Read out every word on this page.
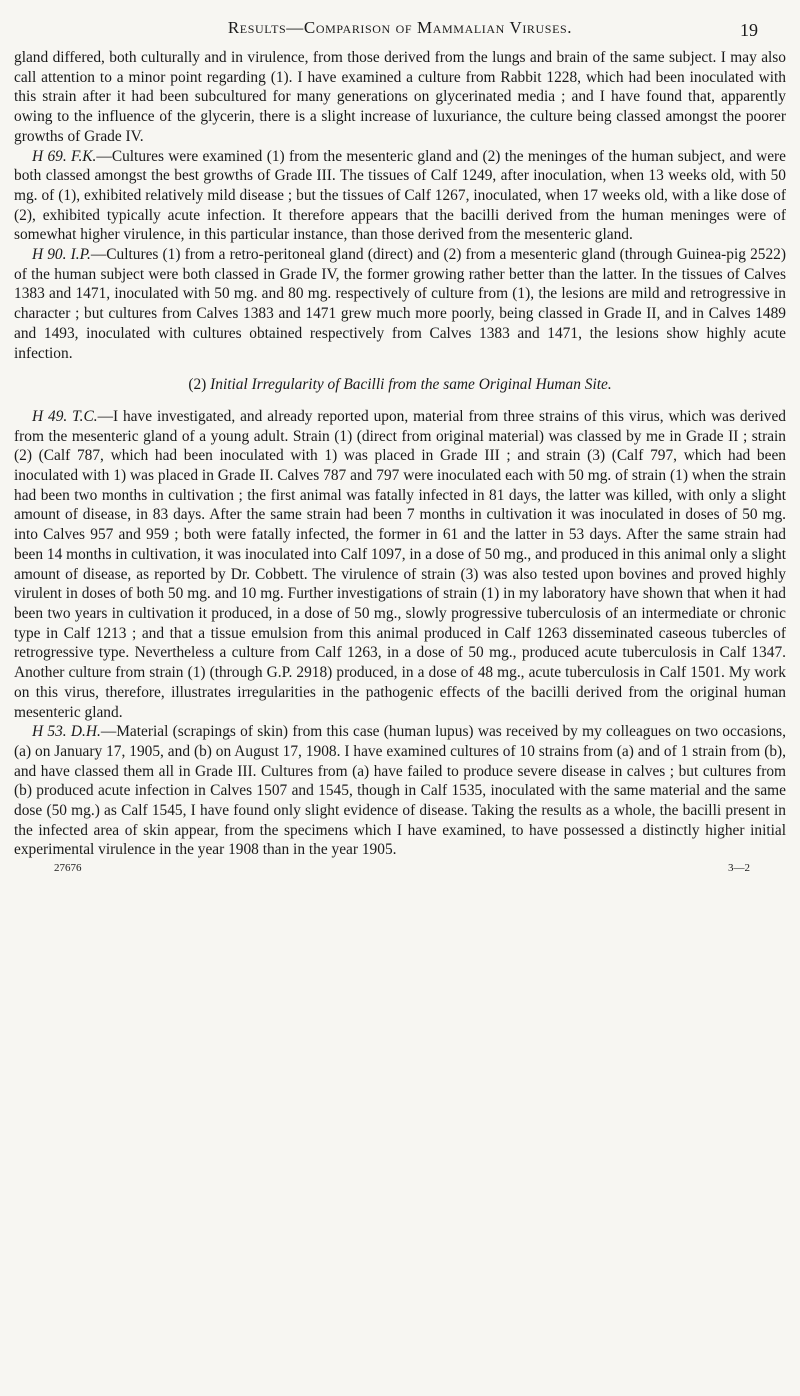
Results—Comparison of Mammalian Viruses.	19

gland differed, both culturally and in virulence, from those derived from the lungs and brain of the same subject. I may also call attention to a minor point regarding (1). I have examined a culture from Rabbit 1228, which had been inoculated with this strain after it had been subcultured for many generations on glycerinated media ; and I have found that, apparently owing to the influence of the glycerin, there is a slight increase of luxuriance, the culture being classed amongst the poorer growths of Grade IV.

H 69. F.K.—Cultures were examined (1) from the mesenteric gland and (2) the meninges of the human subject, and were both classed amongst the best growths of Grade III. The tissues of Calf 1249, after inoculation, when 13 weeks old, with 50 mg. of (1), exhibited relatively mild disease ; but the tissues of Calf 1267, inoculated, when 17 weeks old, with a like dose of (2), exhibited typically acute infection. It therefore appears that the bacilli derived from the human meninges were of somewhat higher virulence, in this particular instance, than those derived from the mesenteric gland.

H 90. I.P.—Cultures (1) from a retro-peritoneal gland (direct) and (2) from a mesenteric gland (through Guinea-pig 2522) of the human subject were both classed in Grade IV, the former growing rather better than the latter. In the tissues of Calves 1383 and 1471, inoculated with 50 mg. and 80 mg. respectively of culture from (1), the lesions are mild and retrogressive in character ; but cultures from Calves 1383 and 1471 grew much more poorly, being classed in Grade II, and in Calves 1489 and 1493, inoculated with cultures obtained respectively from Calves 1383 and 1471, the lesions show highly acute infection.

(2) Initial Irregularity of Bacilli from the same Original Human Site.

H 49. T.C.—I have investigated, and already reported upon, material from three strains of this virus, which was derived from the mesenteric gland of a young adult. Strain (1) (direct from original material) was classed by me in Grade II ; strain (2) (Calf 787, which had been inoculated with 1) was placed in Grade III ; and strain (3) (Calf 797, which had been inoculated with 1) was placed in Grade II. Calves 787 and 797 were inoculated each with 50 mg. of strain (1) when the strain had been two months in cultivation ; the first animal was fatally infected in 81 days, the latter was killed, with only a slight amount of disease, in 83 days. After the same strain had been 7 months in cultivation it was inoculated in doses of 50 mg. into Calves 957 and 959 ; both were fatally infected, the former in 61 and the latter in 53 days. After the same strain had been 14 months in cultivation, it was inoculated into Calf 1097, in a dose of 50 mg., and produced in this animal only a slight amount of disease, as reported by Dr. Cobbett. The virulence of strain (3) was also tested upon bovines and proved highly virulent in doses of both 50 mg. and 10 mg. Further investigations of strain (1) in my laboratory have shown that when it had been two years in cultivation it produced, in a dose of 50 mg., slowly progressive tuberculosis of an intermediate or chronic type in Calf 1213 ; and that a tissue emulsion from this animal produced in Calf 1263 disseminated caseous tubercles of retrogressive type. Nevertheless a culture from Calf 1263, in a dose of 50 mg., produced acute tuberculosis in Calf 1347. Another culture from strain (1) (through G.P. 2918) produced, in a dose of 48 mg., acute tuberculosis in Calf 1501. My work on this virus, therefore, illustrates irregularities in the pathogenic effects of the bacilli derived from the original human mesenteric gland.

H 53. D.H.—Material (scrapings of skin) from this case (human lupus) was received by my colleagues on two occasions, (a) on January 17, 1905, and (b) on August 17, 1908. I have examined cultures of 10 strains from (a) and of 1 strain from (b), and have classed them all in Grade III. Cultures from (a) have failed to produce severe disease in calves ; but cultures from (b) produced acute infection in Calves 1507 and 1545, though in Calf 1535, inoculated with the same material and the same dose (50 mg.) as Calf 1545, I have found only slight evidence of disease. Taking the results as a whole, the bacilli present in the infected area of skin appear, from the specimens which I have examined, to have possessed a distinctly higher initial experimental virulence in the year 1908 than in the year 1905.

27676	3—2
